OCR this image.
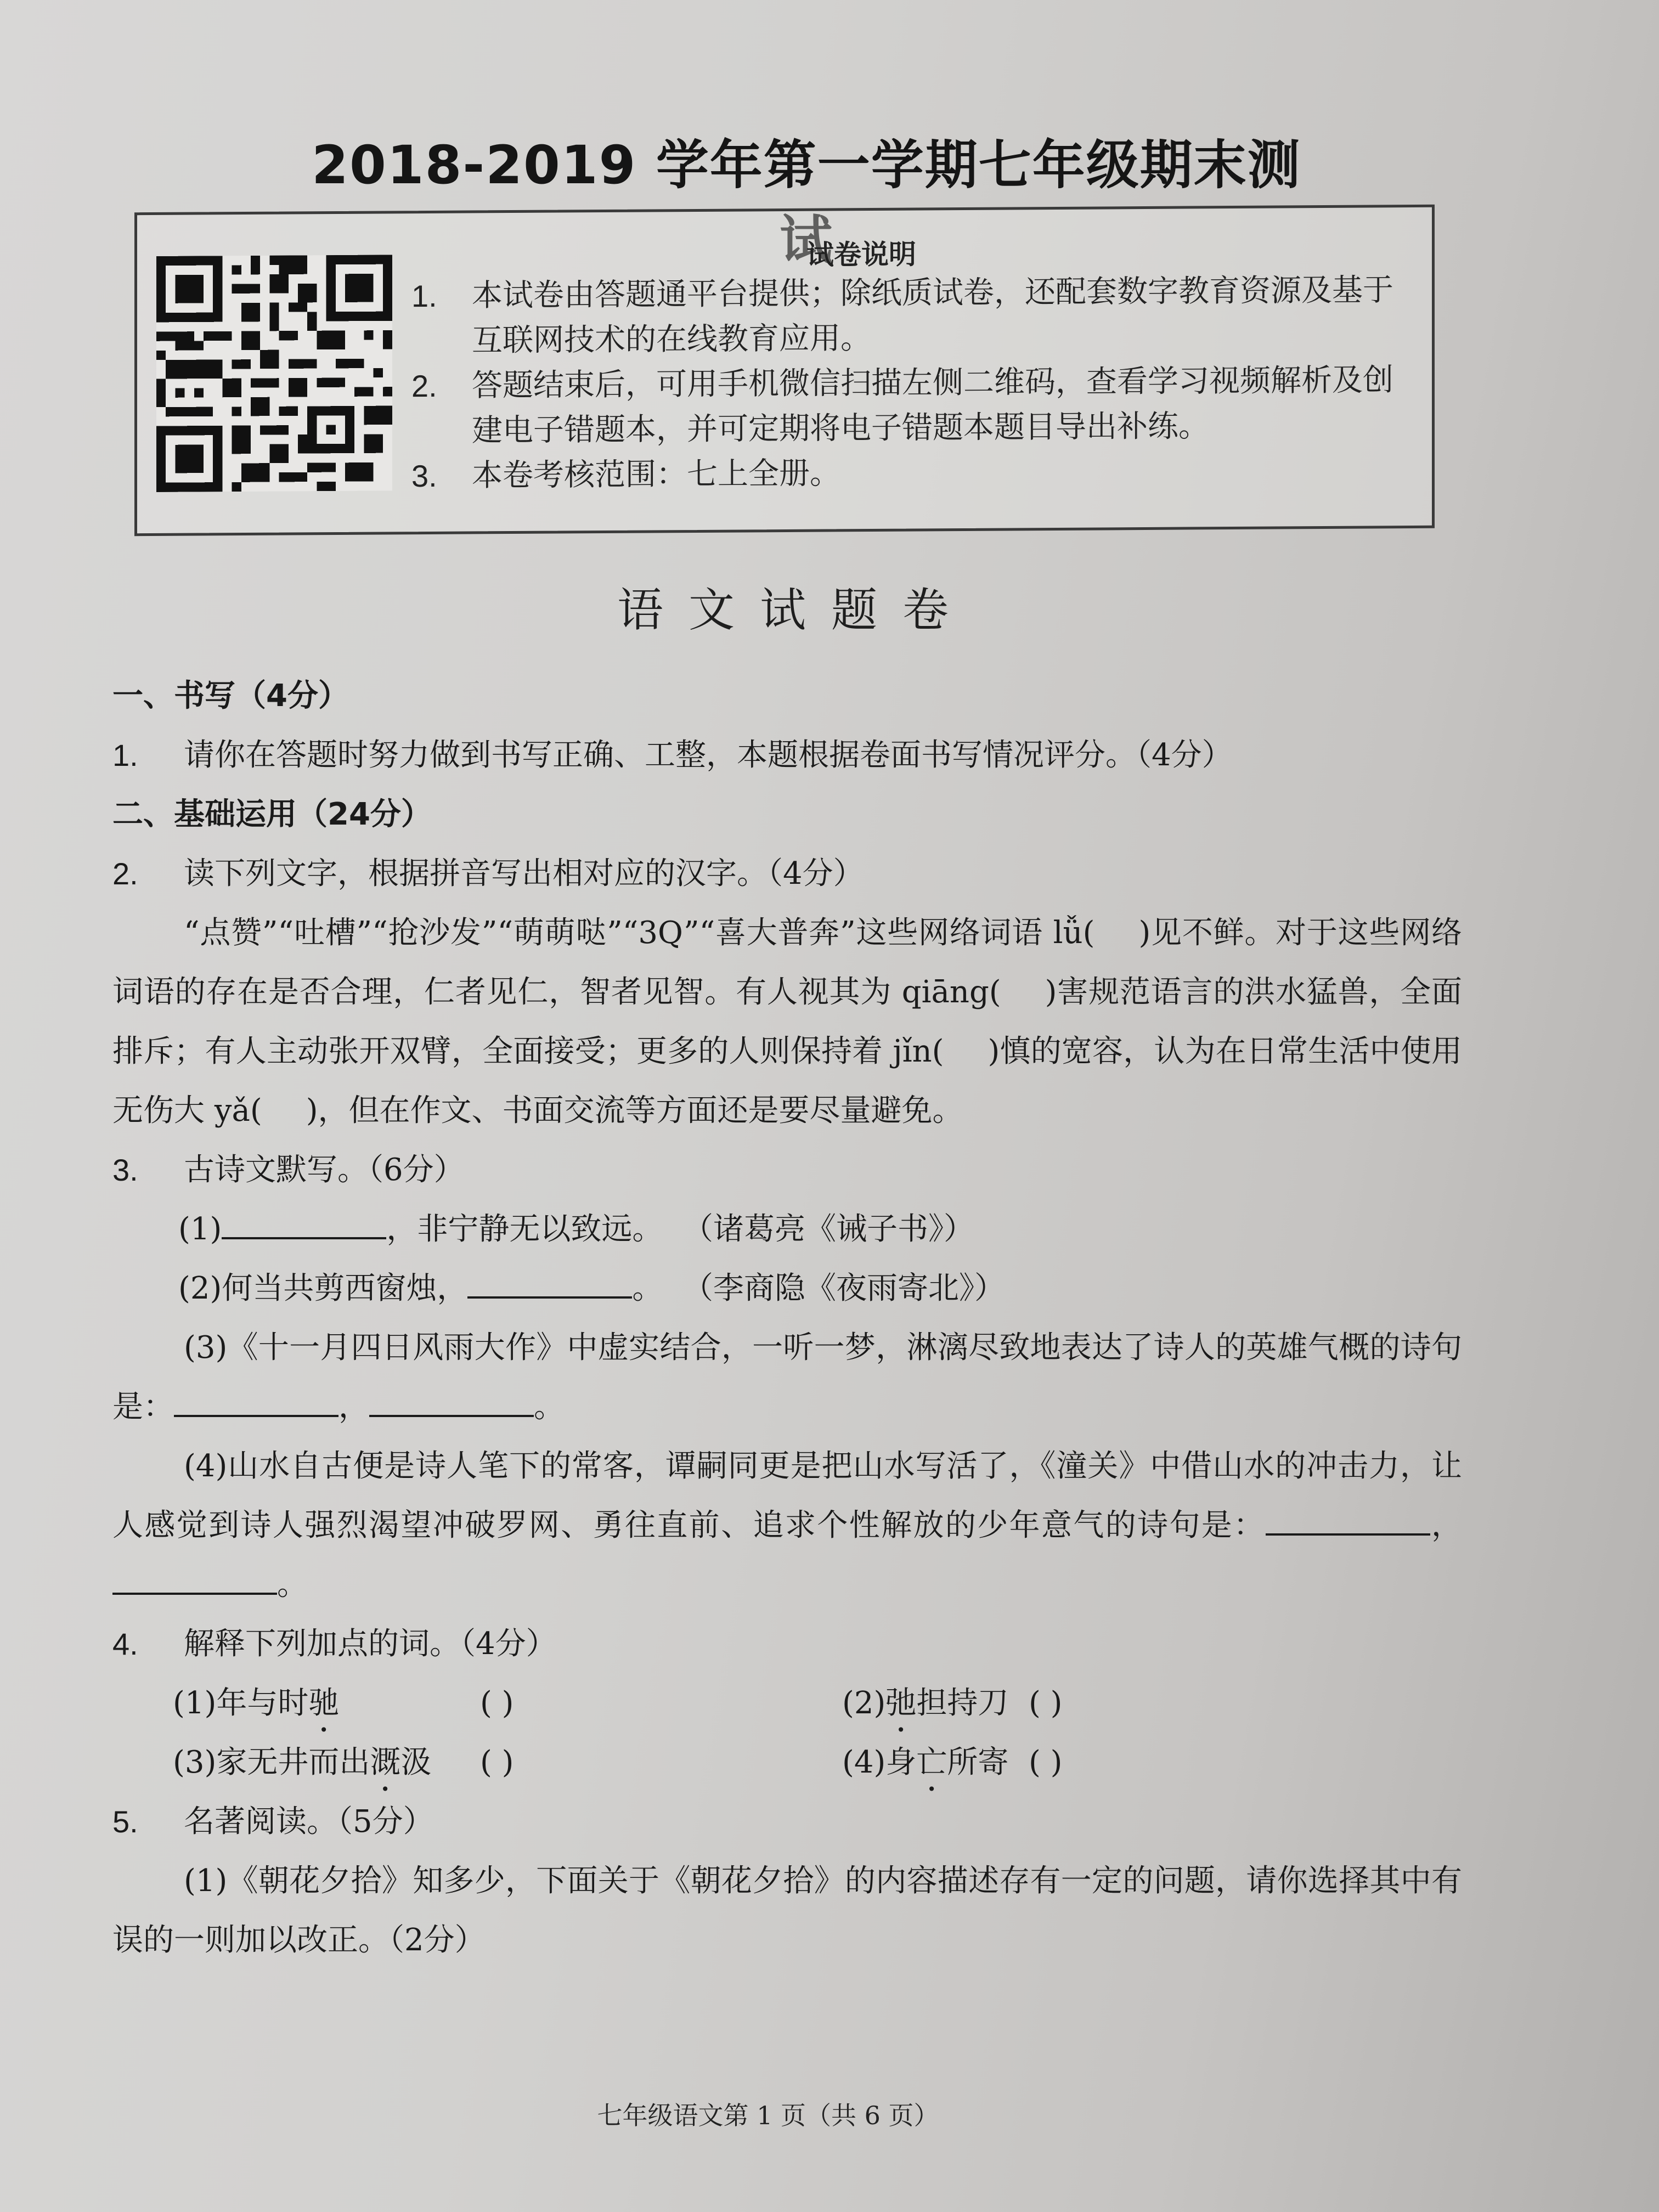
2018-2019 学年第一学期七年级期末测试
试卷说明
1.	本试卷由答题通平台提供；除纸质试卷，还配套数字教育资源及基于互联网技术的在线教育应用。
2.	答题结束后，可用手机微信扫描左侧二维码，查看学习视频解析及创建电子错题本，并可定期将电子错题本题目导出补练。
3.	本卷考核范围：七上全册。
语文试题卷
一、书写（4分）
1.	请你在答题时努力做到书写正确、工整，本题根据卷面书写情况评分。（4分）
二、基础运用（24分）
2.	读下列文字，根据拼音写出相对应的汉字。（4分）
“点赞”“吐槽”“抢沙发”“萌萌哒”“3Q”“喜大普奔”这些网络词语 lǚ( )见不鲜。对于这些网络词语的存在是否合理，仁者见仁，智者见智。有人视其为 qiāng( )害规范语言的洪水猛兽，全面排斥；有人主动张开双臂，全面接受；更多的人则保持着 jǐn( )慎的宽容，认为在日常生活中使用无伤大 yǎ( )，但在作文、书面交流等方面还是要尽量避免。
3.	古诗文默写。（6分）
(1)	，非宁静无以致远。 （诸葛亮《诫子书》）
(2)何当共剪西窗烛，	。 （李商隐《夜雨寄北》）
(3)《十一月四日风雨大作》中虚实结合，一听一梦，淋漓尽致地表达了诗人的英雄气概的诗句是：	，	。
(4)山水自古便是诗人笔下的常客，谭嗣同更是把山水写活了，《潼关》中借山水的冲击力，让人感觉到诗人强烈渴望冲破罗网、勇往直前、追求个性解放的少年意气的诗句是：	，。
4.	解释下列加点的词。（4分）
(1)年与时驰	( )	(2)弛担持刀 ( )
(3)家无井而出溉汲	( )	(4)身亡所寄 ( )
5.	名著阅读。（5分）
(1)《朝花夕拾》知多少，下面关于《朝花夕拾》的内容描述存有一定的问题，请你选择其中有误的一则加以改正。（2分）
七年级语文第 1 页（共 6 页）
